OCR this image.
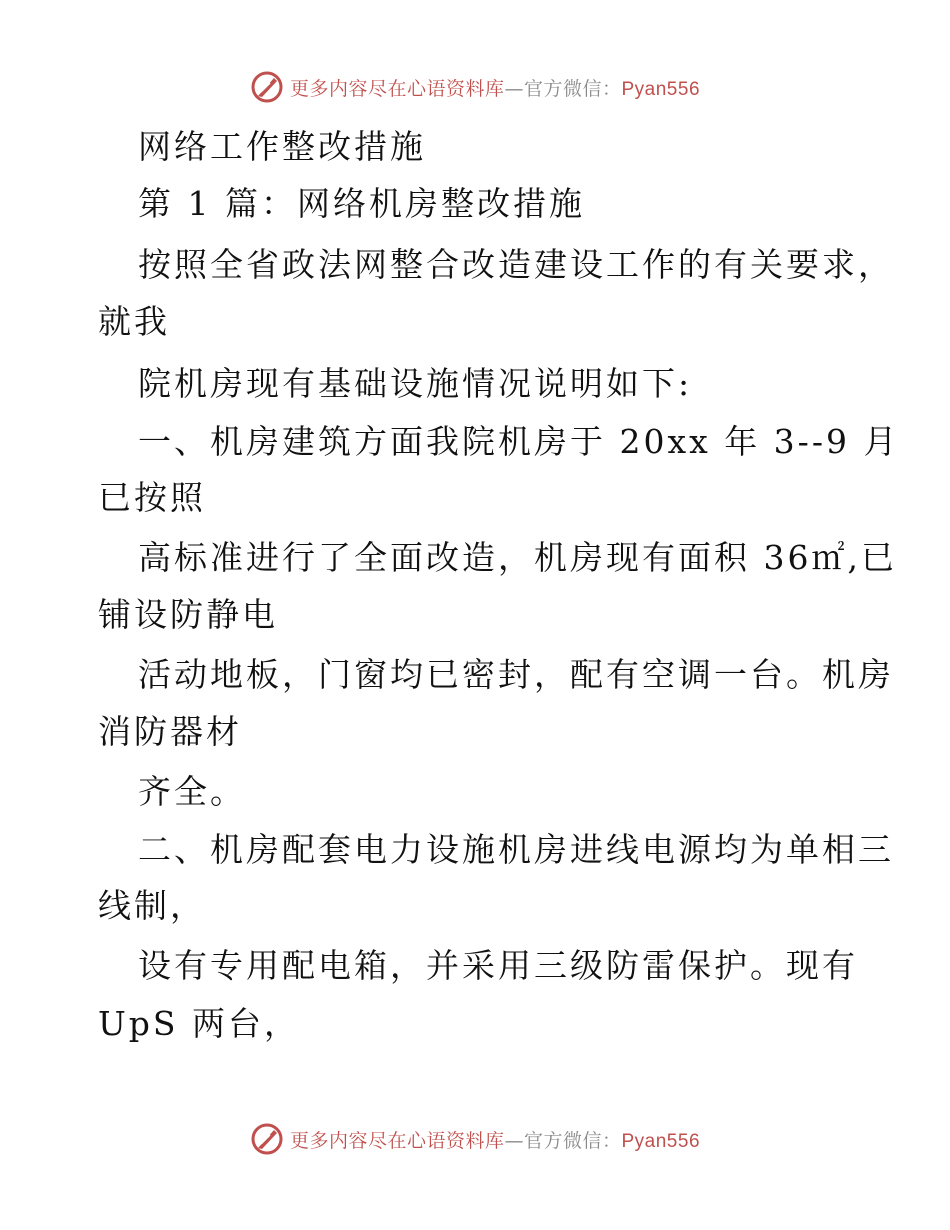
更多内容尽在心语资料库—官方微信：Pyan556
网络工作整改措施
第 1 篇：网络机房整改措施
按照全省政法网整合改造建设工作的有关要求，
就我
院机房现有基础设施情况说明如下:
一、机房建筑方面我院机房于 20xx 年 3--9 月
已按照
高标准进行了全面改造，机房现有面积 36㎡,已
铺设防静电
活动地板，门窗均已密封，配有空调一台。机房
消防器材
齐全。
二、机房配套电力设施机房进线电源均为单相三
线制，
设有专用配电箱，并采用三级防雷保护。现有
UpS 两台，
更多内容尽在心语资料库—官方微信：Pyan556
